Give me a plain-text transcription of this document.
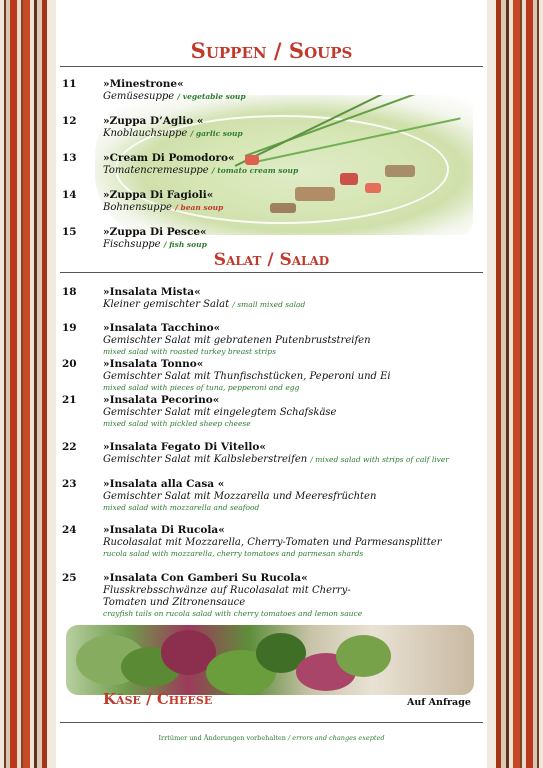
Suppen / Soups
11	»Minestrone«
Gemüsesuppe / vegetable soup
12	»Zuppa D’Aglio «
Knoblauchsuppe / garlic soup
13	»Cream Di Pomodoro«
Tomatencremesuppe / tomato cream soup
14	»Zuppa Di Fagioli«
Bohnensuppe / bean soup
15	»Zuppa Di Pesce«
Fischsuppe / fish soup
Salat / Salad
18	»Insalata Mista«
Kleiner gemischter Salat / small mixed salad
19	»Insalata Tacchino«
Gemischter Salat mit gebratenen Putenbruststreifen
mixed salad with roasted turkey breast strips
20	»Insalata Tonno«
Gemischter Salat mit Thunfischstücken, Peperoni und Ei
mixed salad with pieces of tuna, pepperoni and egg
21	»Insalata Pecorino«
Gemischter Salat mit eingelegtem Schafskäse
mixed salad with pickled sheep cheese
22	»Insalata Fegato Di Vitello«
Gemischter Salat mit Kalbsleberstreifen / mixed salad with strips of calf liver
23	»Insalata alla Casa «
Gemischter Salat mit Mozzarella und Meeresfrüchten
mixed salad with mozzarella and seafood
24	»Insalata Di Rucola«
Rucolasalat mit Mozzarella, Cherry-Tomaten und Parmesansplitter
rucola salad with mozzarella, cherry tomatoes and parmesan shards
25	»Insalata Con Gamberi Su Rucola«
Flusskrebsschwänze auf Rucolasalat mit Cherry-Tomaten und Zitronensauce
crayfish tails on rucola salad with cherry tomatoes and lemon sauce
Käse / Cheese	Auf Anfrage
Irrtümer und Änderungen vorbehalten / errors and changes exepted
